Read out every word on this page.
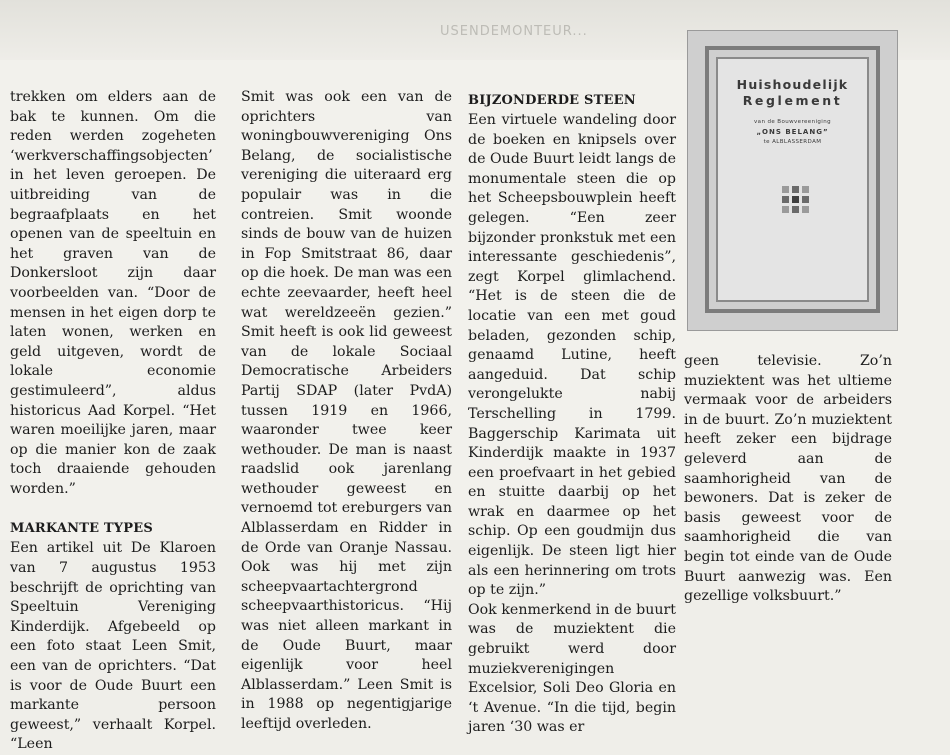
USENDEMONTEUR...

trekken om elders aan de bak te kunnen. Om die reden werden zogeheten ‘werkverschaffingsobjecten’ in het leven geroepen. De uitbreiding van de begraafplaats en het openen van de speeltuin en het graven van de Donkersloot zijn daar voorbeelden van. “Door de mensen in het eigen dorp te laten wonen, werken en geld uitgeven, wordt de lokale economie gestimuleerd”, aldus historicus Aad Korpel. “Het waren moeilijke jaren, maar op die manier kon de zaak toch draaiende gehouden worden.”

MARKANTE TYPES

Een artikel uit De Klaroen van 7 augustus 1953 beschrijft de oprichting van Speeltuin Vereniging Kinderdijk. Afgebeeld op een foto staat Leen Smit, een van de oprichters. “Dat is voor de Oude Buurt een markante persoon geweest,” verhaalt Korpel. “Leen

Smit was ook een van de oprichters van woningbouwvereniging Ons Belang, de socialistische vereniging die uiteraard erg populair was in die contreien. Smit woonde sinds de bouw van de huizen in Fop Smitstraat 86, daar op die hoek. De man was een echte zeevaarder, heeft heel wat wereldzeeën gezien.” Smit heeft is ook lid geweest van de lokale Sociaal Democratische Arbeiders Partij SDAP (later PvdA) tussen 1919 en 1966, waaronder twee keer wethouder. De man is naast raadslid ook jarenlang wethouder geweest en vernoemd tot ereburgers van Alblasserdam en Ridder in de Orde van Oranje Nassau. Ook was hij met zijn scheepvaartachtergrond scheepvaarthistoricus. “Hij was niet alleen markant in de Oude Buurt, maar eigenlijk voor heel Alblasserdam.” Leen Smit is in 1988 op negentigjarige leeftijd overleden.

BIJZONDERDE STEEN

Een virtuele wandeling door de boeken en knipsels over de Oude Buurt leidt langs de monumentale steen die op het Scheepsbouwplein heeft gelegen. “Een zeer bijzonder pronkstuk met een interessante geschiedenis”, zegt Korpel glimlachend. “Het is de steen die de locatie van een met goud beladen, gezonden schip, genaamd Lutine, heeft aangeduid. Dat schip verongelukte nabij Terschelling in 1799. Baggerschip Karimata uit Kinderdijk maakte in 1937 een proefvaart in het gebied en stuitte daarbij op het wrak en daarmee op het schip. Op een goudmijn dus eigenlijk. De steen ligt hier als een herinnering om trots op te zijn.”

Ook kenmerkend in de buurt was de muziektent die gebruikt werd door muziekverenigingen Excelsior, Soli Deo Gloria en ‘t Avenue. “In die tijd, begin jaren ‘30 was er

geen televisie. Zo’n muziektent was het ultieme vermaak voor de arbeiders in de buurt. Zo’n muziektent heeft zeker een bijdrage geleverd aan de saamhorigheid van de bewoners. Dat is zeker de basis geweest voor de saamhorigheid die van begin tot einde van de Oude Buurt aanwezig was. Een gezellige volksbuurt.”

Huishoudelijk
Reglement
van de Bouwvereeniging
„ONS BELANG”
te ALBLASSERDAM
